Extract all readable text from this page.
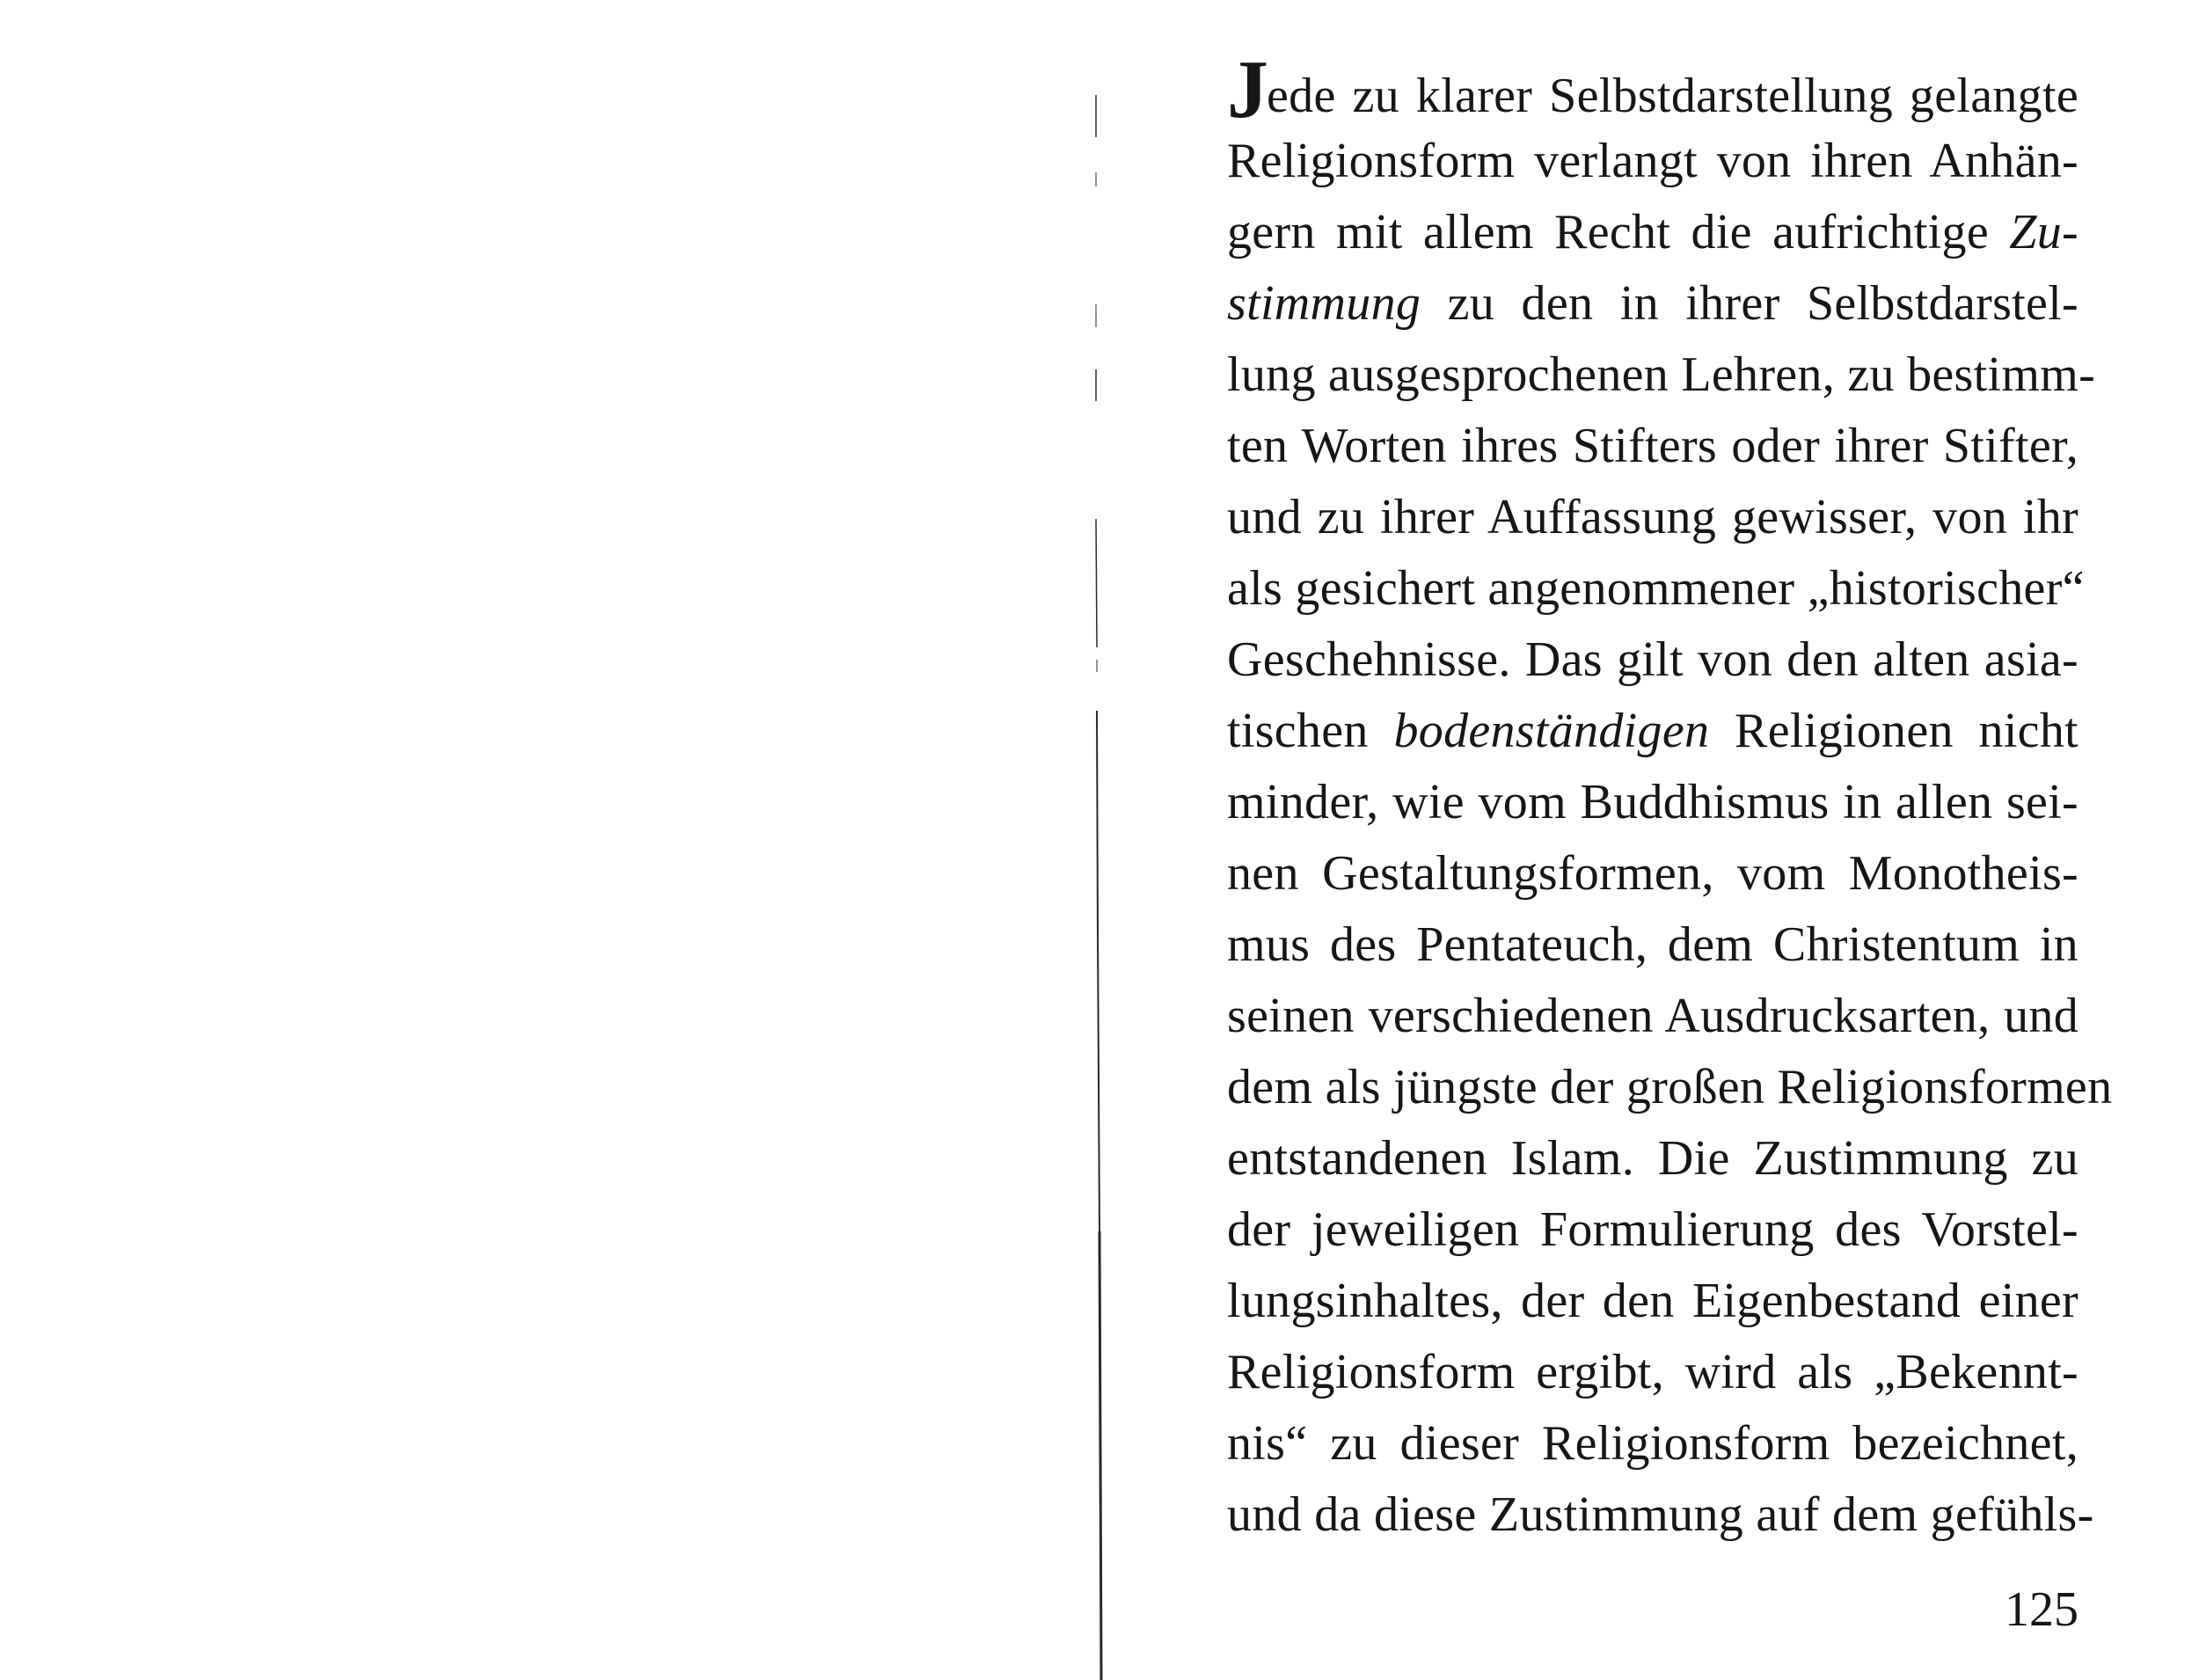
Jede zu klarer Selbstdarstellung gelangte
Religionsform verlangt von ihren Anhän-
gern mit allem Recht die aufrichtige Zu-
stimmung zu den in ihrer Selbstdarstel-
lung ausgesprochenen Lehren, zu bestimm-
ten Worten ihres Stifters oder ihrer Stifter,
und zu ihrer Auffassung gewisser, von ihr
als gesichert angenommener „historischer“
Geschehnisse. Das gilt von den alten asia-
tischen bodenständigen Religionen nicht
minder, wie vom Buddhismus in allen sei-
nen Gestaltungsformen, vom Monotheis-
mus des Pentateuch, dem Christentum in
seinen verschiedenen Ausdrucksarten, und
dem als jüngste der großen Religionsformen
entstandenen Islam. Die Zustimmung zu
der jeweiligen Formulierung des Vorstel-
lungsinhaltes, der den Eigenbestand einer
Religionsform ergibt, wird als „Bekennt-
nis“ zu dieser Religionsform bezeichnet,
und da diese Zustimmung auf dem gefühls-
125
